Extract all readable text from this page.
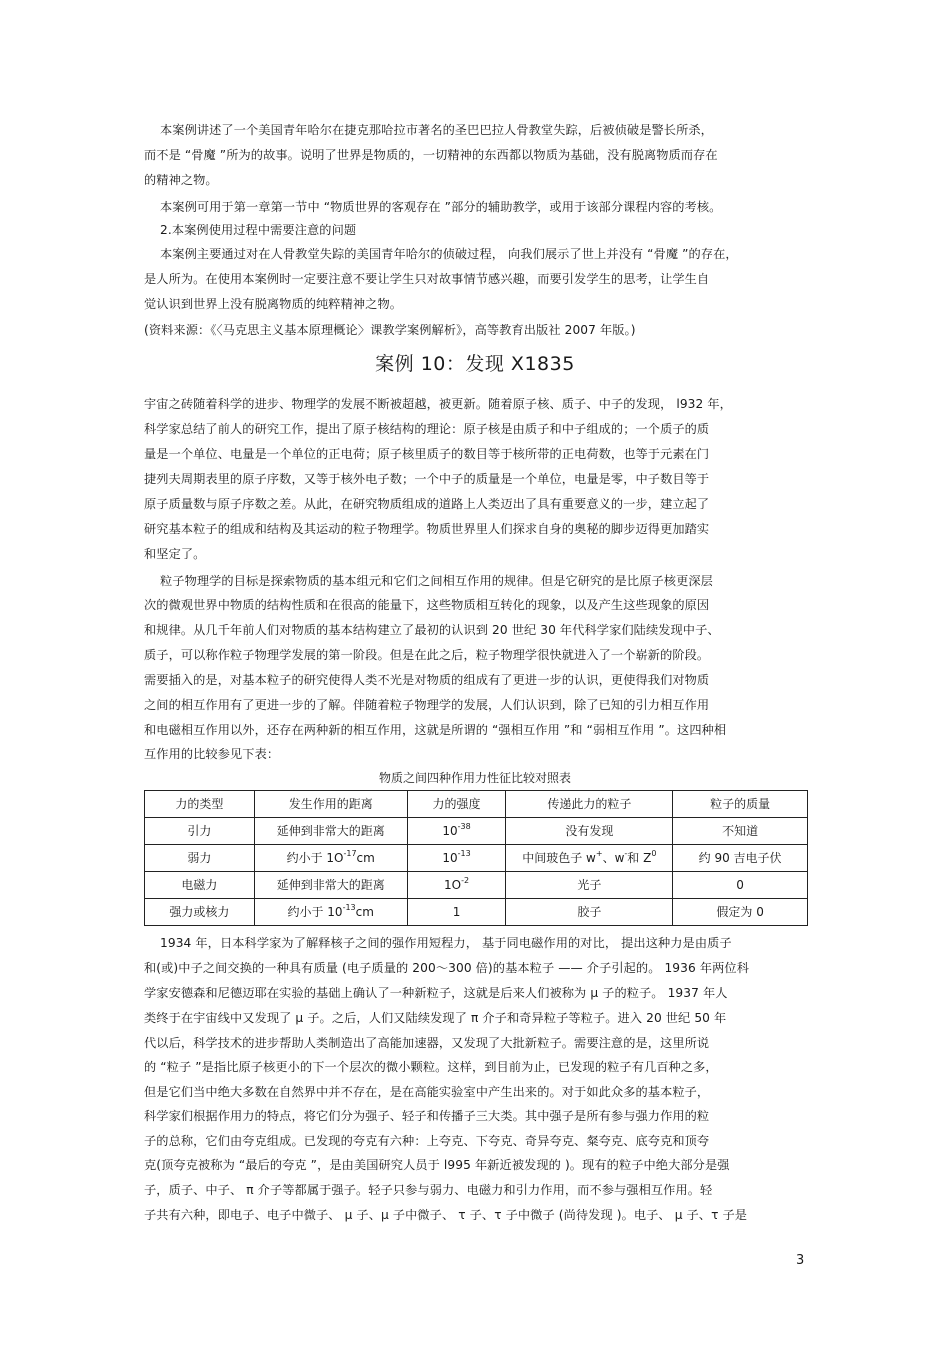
本案例讲述了一个美国青年哈尔在捷克那哈拉市著名的圣巴巴拉人骨教堂失踪，后被侦破是警长所杀，
而不是 “骨魔 ”所为的故事。说明了世界是物质的，一切精神的东西都以物质为基础，没有脱离物质而存在
的精神之物。
本案例可用于第一章第一节中 “物质世界的客观存在 ”部分的辅助教学，或用于该部分课程内容的考核。
2.本案例使用过程中需要注意的问题
本案例主要通过对在人骨教堂失踪的美国青年哈尔的侦破过程， 向我们展示了世上并没有 “骨魔 ”的存在，
是人所为。在使用本案例时一定要注意不要让学生只对故事情节感兴趣，而要引发学生的思考，让学生自
觉认识到世界上没有脱离物质的纯粹精神之物。
(资料来源：《〈马克思主义基本原理概论〉课教学案例解析》，高等教育出版社 2007 年版。)
案例 10：发现 X1835
宇宙之砖随着科学的进步、物理学的发展不断被超越，被更新。随着原子核、质子、中子的发现， l932 年，
科学家总结了前人的研究工作，提出了原子核结构的理论：原子核是由质子和中子组成的；一个质子的质
量是一个单位、电量是一个单位的正电荷；原子核里质子的数目等于核所带的正电荷数，也等于元素在门
捷列夫周期表里的原子序数，又等于核外电子数；一个中子的质量是一个单位，电量是零，中子数目等于
原子质量数与原子序数之差。从此，在研究物质组成的道路上人类迈出了具有重要意义的一步，建立起了
研究基本粒子的组成和结构及其运动的粒子物理学。物质世界里人们探求自身的奥秘的脚步迈得更加踏实
和坚定了。
粒子物理学的目标是探索物质的基本组元和它们之间相互作用的规律。但是它研究的是比原子核更深层
次的微观世界中物质的结构性质和在很高的能量下，这些物质相互转化的现象，以及产生这些现象的原因
和规律。从几千年前人们对物质的基本结构建立了最初的认识到 20 世纪 30 年代科学家们陆续发现中子、
质子，可以称作粒子物理学发展的第一阶段。但是在此之后，粒子物理学很快就进入了一个崭新的阶段。
需要插入的是，对基本粒子的研究使得人类不光是对物质的组成有了更进一步的认识，更使得我们对物质
之间的相互作用有了更进一步的了解。伴随着粒子物理学的发展，人们认识到，除了已知的引力相互作用
和电磁相互作用以外，还存在两种新的相互作用，这就是所谓的 “强相互作用 ”和 “弱相互作用 ”。这四种相
互作用的比较参见下表：
物质之间四种作用力性征比较对照表
力的类型	发生作用的距离	力的强度	传递此力的粒子	粒子的质量
引力	延伸到非常大的距离	$10^{-38}$	没有发现	不知道
弱力	约小于 $1O^{-17}cm$	$10^{-13}$	中间玻色子 w+、w-和 $Z^0$	约 90 吉电子伏
电磁力	延伸到非常大的距离	$1O^{-2}$	光子	0
强力或核力	约小于 $10^{-13}cm$	1	胶子	假定为 0
1934 年，日本科学家为了解释核子之间的强作用短程力， 基于同电磁作用的对比， 提出这种力是由质子
和(或)中子之间交换的一种具有质量 (电子质量的 200～300 倍)的基本粒子 —— 介子引起的。 1936 年两位科
学家安德森和尼德迈耶在实验的基础上确认了一种新粒子，这就是后来人们被称为 μ 子的粒子。 1937 年人
类终于在宇宙线中又发现了 μ 子。之后，人们又陆续发现了 π 介子和奇异粒子等粒子。进入 20 世纪 50 年
代以后，科学技术的进步帮助人类制造出了高能加速器，又发现了大批新粒子。需要注意的是，这里所说
的 “粒子 ”是指比原子核更小的下一个层次的微小颗粒。这样，到目前为止，已发现的粒子有几百种之多，
但是它们当中绝大多数在自然界中并不存在，是在高能实验室中产生出来的。对于如此众多的基本粒子，
科学家们根据作用力的特点，将它们分为强子、轻子和传播子三大类。其中强子是所有参与强力作用的粒
子的总称，它们由夸克组成。已发现的夸克有六种：上夸克、下夸克、奇异夸克、粲夸克、底夸克和顶夸
克(顶夸克被称为 “最后的夸克 ”，是由美国研究人员于 l995 年新近被发现的 )。现有的粒子中绝大部分是强
子，质子、中子、 π 介子等都属于强子。轻子只参与弱力、电磁力和引力作用，而不参与强相互作用。轻
子共有六种，即电子、电子中微子、 μ 子、μ 子中微子、 τ 子、τ 子中微子 (尚待发现 )。电子、 μ 子、τ 子是
3
